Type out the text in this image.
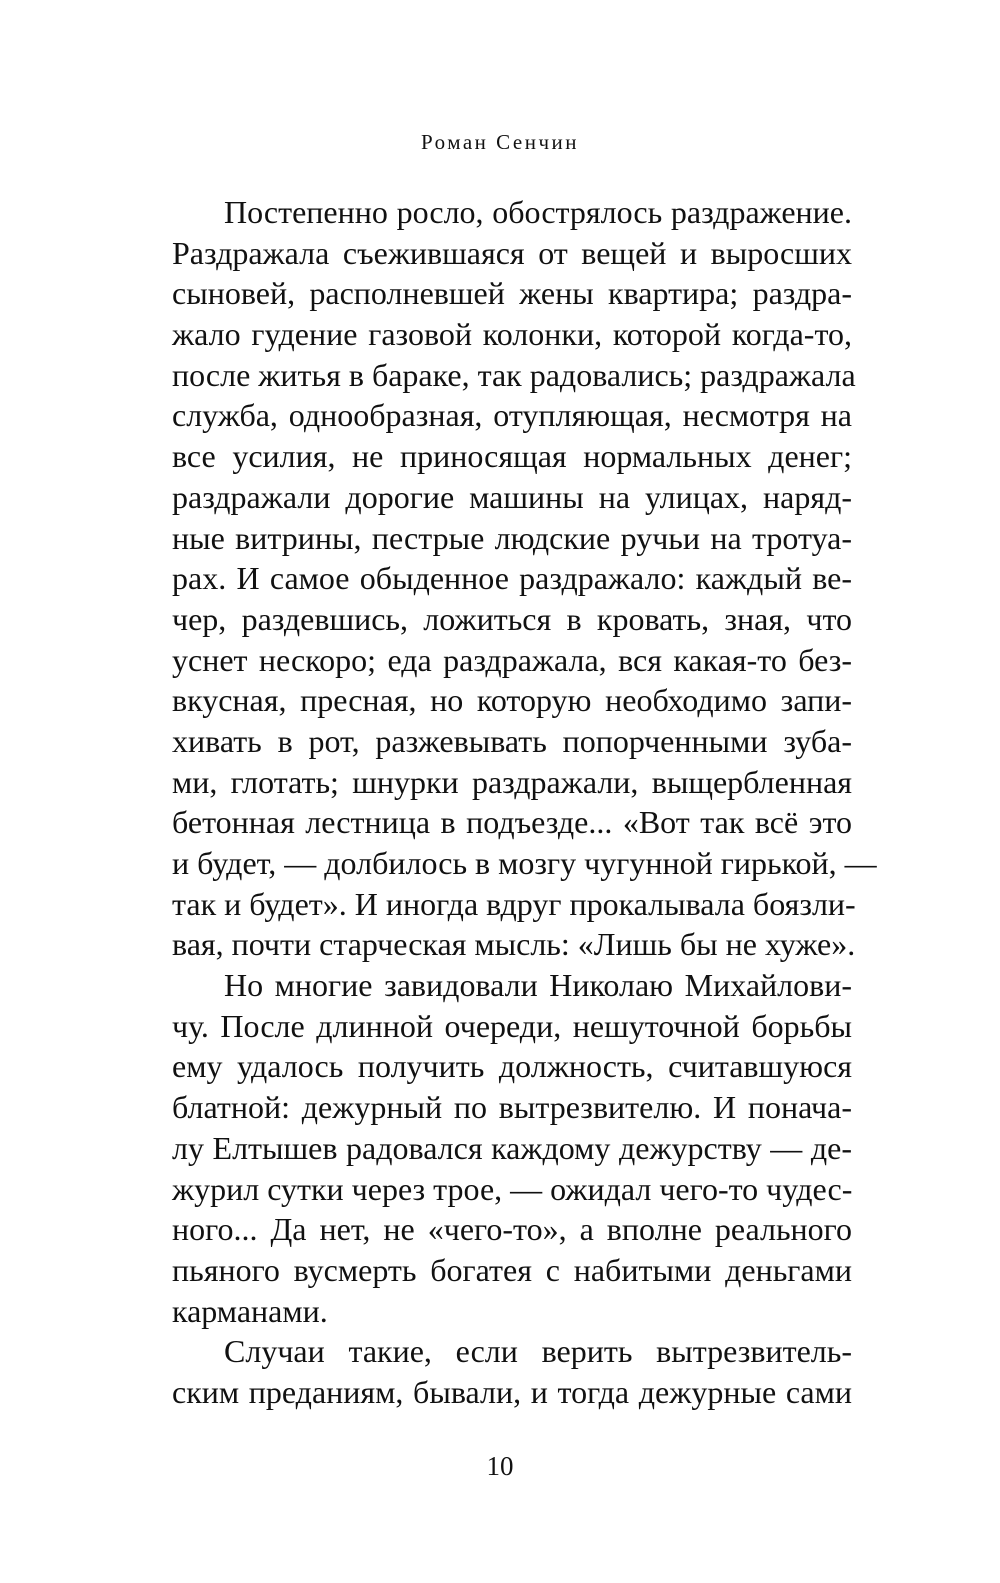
Роман Сенчин
Постепенно росло, обострялось раздражение.
Раздражала съежившаяся от вещей и выросших
сыновей, располневшей жены квартира; раздра-
жало гудение газовой колонки, которой когда-то,
после житья в бараке, так радовались; раздражала
служба, однообразная, отупляющая, несмотря на
все усилия, не приносящая нормальных денег;
раздражали дорогие машины на улицах, наряд-
ные витрины, пестрые людские ручьи на тротуа-
рах. И самое обыденное раздражало: каждый ве-
чер, раздевшись, ложиться в кровать, зная, что
уснет нескоро; еда раздражала, вся какая-то без-
вкусная, пресная, но которую необходимо запи-
хивать в рот, разжевывать попорченными зуба-
ми, глотать; шнурки раздражали, выщербленная
бетонная лестница в подъезде... «Вот так всё это
и будет, — долбилось в мозгу чугунной гирькой, —
так и будет». И иногда вдруг прокалывала боязли-
вая, почти старческая мысль: «Лишь бы не хуже».
Но многие завидовали Николаю Михайлови-
чу. После длинной очереди, нешуточной борьбы
ему удалось получить должность, считавшуюся
блатной: дежурный по вытрезвителю. И понача-
лу Елтышев радовался каждому дежурству — де-
журил сутки через трое, — ожидал чего-то чудес-
ного... Да нет, не «чего-то», а вполне реального
пьяного вусмерть богатея с набитыми деньгами
карманами.
Случаи такие, если верить вытрезвитель-
ским преданиям, бывали, и тогда дежурные сами
10
